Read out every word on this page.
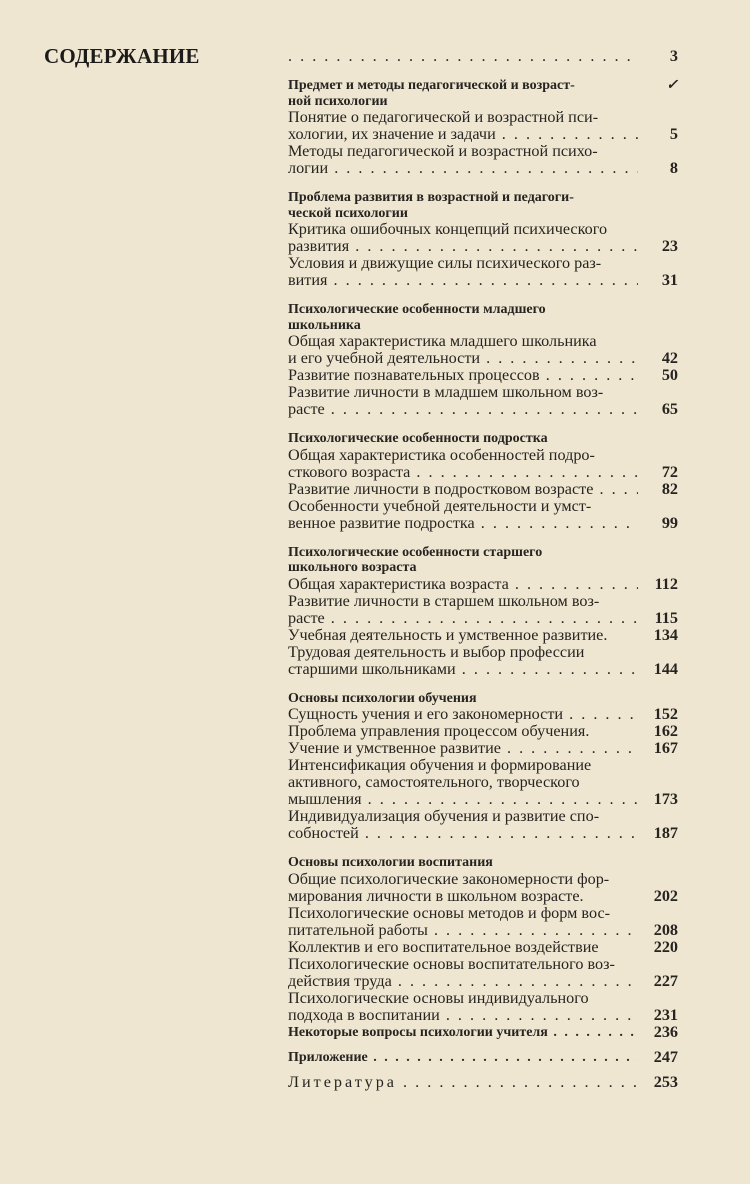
СОДЕРЖАНИЕ . . .	3
Предмет и методы педагогической и возраст-
ной психологии
✓
Понятие о педагогической и возрастной пси-
хологии, их значение и задачи . . .	5
Методы педагогической и возрастной психо-
логии . . .	8
Проблема развития в возрастной и педагоги-
ческой психологии
Критика ошибочных концепций психического
развития . . .	23
Условия и движущие силы психического раз-
вития . . .	31
Психологические особенности младшего
школьника
Общая характеристика младшего школьника
и его учебной деятельности . . .	42
Развитие познавательных процессов . . .	50
Развитие личности в младшем школьном воз-
расте . . .	65
Психологические особенности подростка
Общая характеристика особенностей подро-
сткового возраста . . .	72
Развитие личности в подростковом возрасте . . .	82
Особенности учебной деятельности и умст-
венное развитие подростка . . .	99
Психологические особенности старшего
школьного возраста
Общая характеристика возраста . . .	112
Развитие личности в старшем школьном воз-
расте . . .	115
Учебная деятельность и умственное развитие.	134
Трудовая деятельность и выбор профессии
старшими школьниками . . .	144
Основы психологии обучения
Сущность учения и его закономерности . . .	152
Проблема управления процессом обучения.	162
Учение и умственное развитие . . .	167
Интенсификация обучения и формирование
активного, самостоятельного, творческого
мышления . . .	173
Индивидуализация обучения и развитие спо-
собностей . . .	187
Основы психологии воспитания
Общие психологические закономерности фор-
мирования личности в школьном возрасте.	202
Психологические основы методов и форм вос-
питательной работы . . .	208
Коллектив и его воспитательное воздействие	220
Психологические основы воспитательного воз-
действия труда . . .	227
Психологические основы индивидуального
подхода в воспитании . . .	231
Некоторые вопросы психологии учителя . . .	236
Приложение . . .	247
Литература . . .	253
